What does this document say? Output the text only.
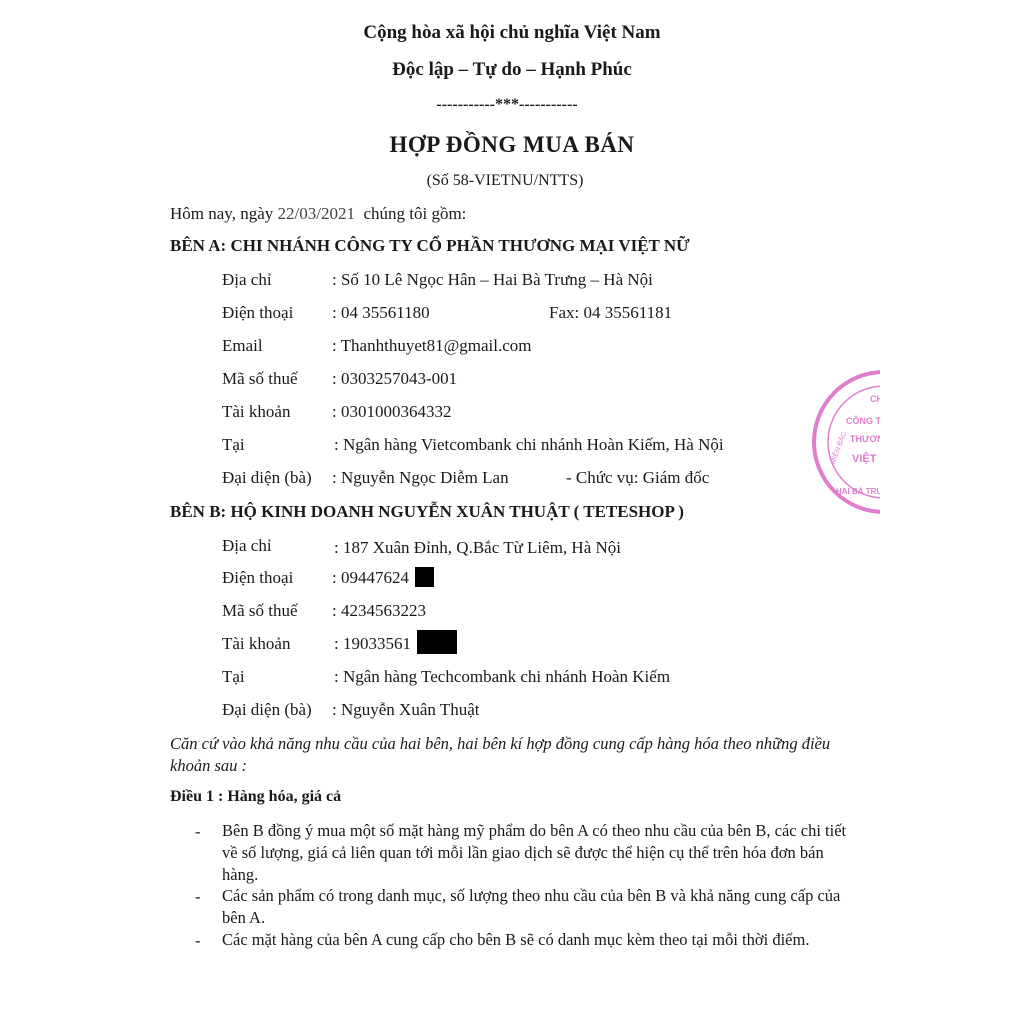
Cộng hòa xã hội chủ nghĩa Việt Nam
Độc lập – Tự do – Hạnh Phúc
-----------***-----------
HỢP ĐỒNG MUA BÁN
(Số 58-VIETNU/NTTS)
Hôm nay, ngày 22/03/2021 chúng tôi gồm:
BÊN A: CHI NHÁNH CÔNG TY CỔ PHẦN THƯƠNG MẠI VIỆT NỮ
Địa chỉ	: Số 10 Lê Ngọc Hân – Hai Bà Trưng – Hà Nội
Điện thoại : 04 35561180	Fax: 04 35561181
Email	: Thanhthuyet81@gmail.com
Mã số thuế : 0303257043-001
Tài khoản : 0301000364332
Tại	: Ngân hàng Vietcombank chi nhánh Hoàn Kiếm, Hà Nội
Đại diện (bà) : Nguyễn Ngọc Diễm Lan	- Chức vụ: Giám đốc
CHI NHÁNH
CÔNG TY C
THƯƠNG
VIỆT
HAI BÀ TRƯ
MIỀN BẮC
BÊN B: HỘ KINH DOANH NGUYỄN XUÂN THUẬT ( TETESHOP )
Địa chỉ	: 187 Xuân Đỉnh, Q.Bắc Từ Liêm, Hà Nội
Điện thoại : 09447624
Mã số thuế : 4234563223
Tài khoản	: 19033561
Tại	: Ngân hàng Techcombank chi nhánh Hoàn Kiếm
Đại diện (bà) : Nguyễn Xuân Thuật
Căn cứ vào khả năng nhu cầu của hai bên, hai bên kí hợp đồng cung cấp hàng hóa theo những điều khoản sau :
Điều 1 : Hàng hóa, giá cả
- Bên B đồng ý mua một số mặt hàng mỹ phẩm do bên A có theo nhu cầu của bên B, các chi tiết về số lượng, giá cả liên quan tới mỗi lần giao dịch sẽ được thể hiện cụ thể trên hóa đơn bán hàng.
- Các sản phẩm có trong danh mục, số lượng theo nhu cầu của bên B và khả năng cung cấp của bên A.
- Các mặt hàng của bên A cung cấp cho bên B sẽ có danh mục kèm theo tại mỗi thời điểm.
